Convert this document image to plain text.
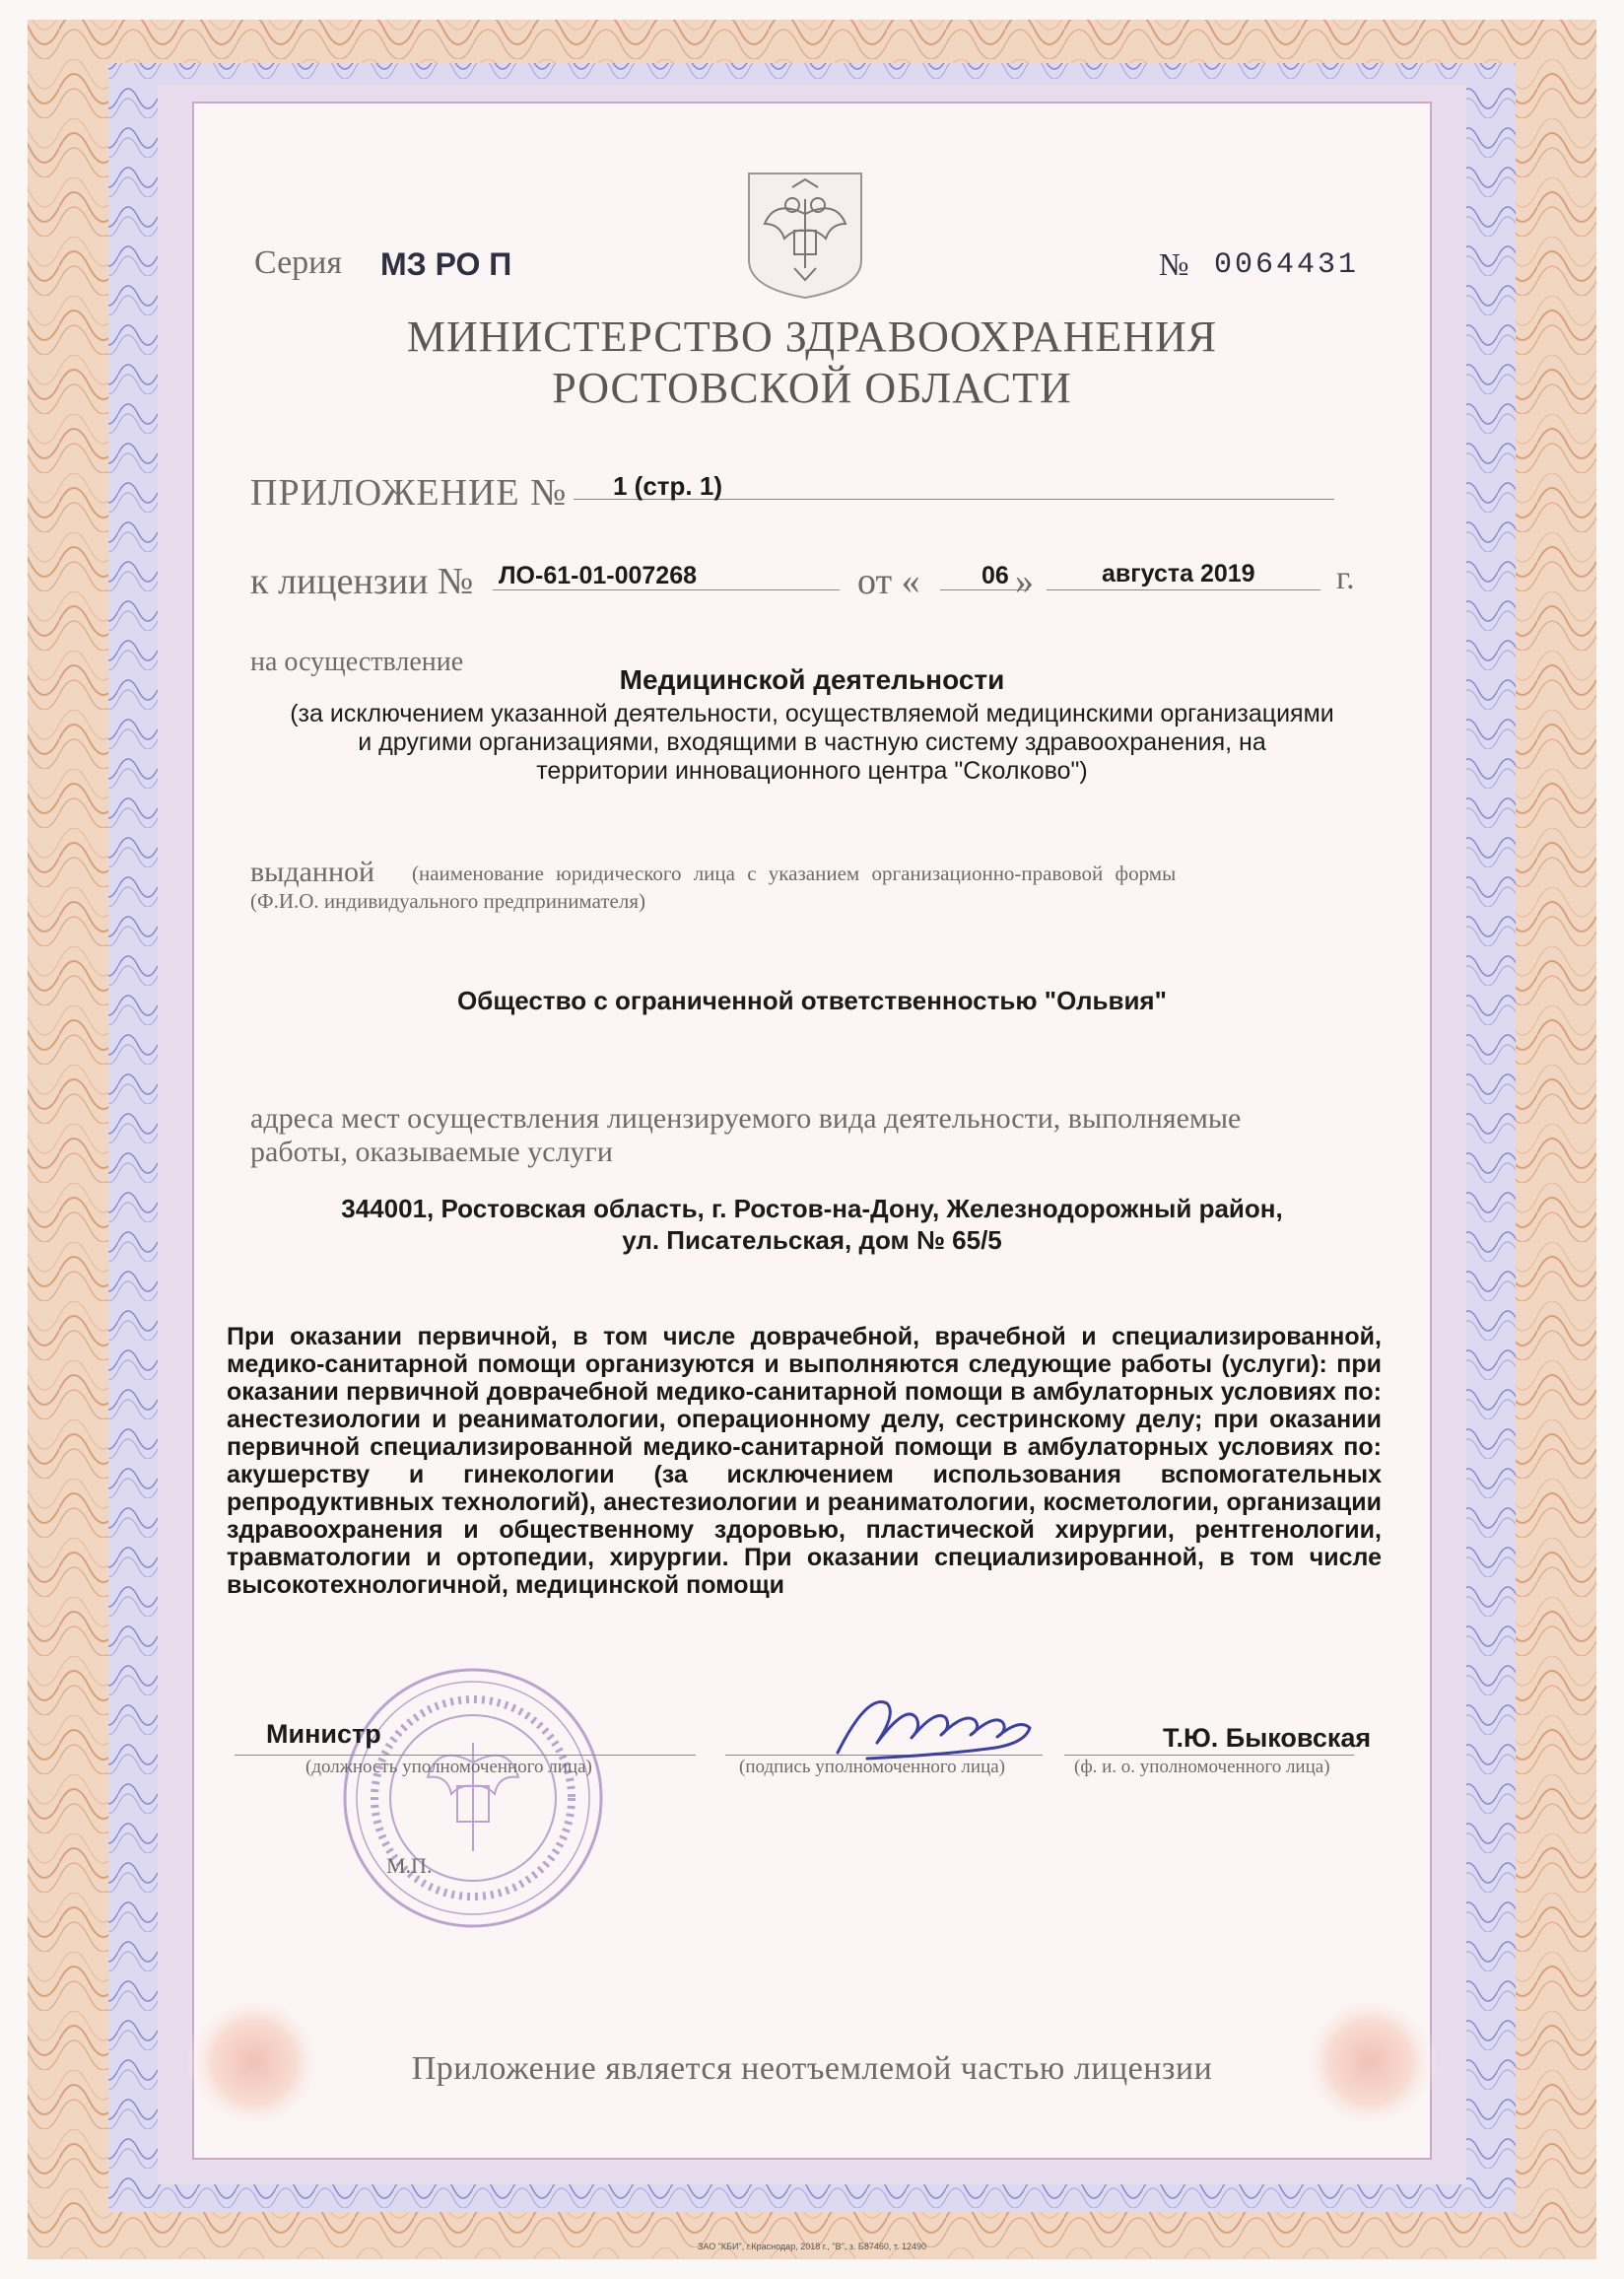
Серия МЗ РО П	№ 0064431
МИНИСТЕРСТВО ЗДРАВООХРАНЕНИЯ
РОСТОВСКОЙ ОБЛАСТИ
ПРИЛОЖЕНИЕ № 1 (стр. 1)
к лицензии № ЛО-61-01-007268	от « 06 »	августа 2019 г.
на осуществление
Медицинской деятельности
(за исключением указанной деятельности, осуществляемой медицинскими организациями
и другими организациями, входящими в частную систему здравоохранения, на
территории инновационного центра "Сколково")
выданной (наименование юридического лица с указанием организационно-правовой формы
(Ф.И.О. индивидуального предпринимателя)
Общество с ограниченной ответственностью "Ольвия"
адреса мест осуществления лицензируемого вида деятельности, выполняемые
работы, оказываемые услуги
344001, Ростовская область, г. Ростов-на-Дону, Железнодорожный район,
ул. Писательская, дом № 65/5
При оказании первичной, в том числе доврачебной, врачебной и специализированной, медико-санитарной помощи организуются и выполняются следующие работы (услуги): при оказании первичной доврачебной медико-санитарной помощи в амбулаторных условиях по: анестезиологии и реаниматологии, операционному делу, сестринскому делу; при оказании первичной специализированной медико-санитарной помощи в амбулаторных условиях по: акушерству и гинекологии (за исключением использования вспомогательных репродуктивных технологий), анестезиологии и реаниматологии, косметологии, организации здравоохранения и общественному здоровью, пластической хирургии, рентгенологии, травматологии и ортопедии, хирургии. При оказании специализированной, в том числе высокотехнологичной, медицинской помощи
Министр
(должность уполномоченного лица)	(подпись уполномоченного лица)
Т.Ю. Быковская
(ф. и. о. уполномоченного лица)
М.П.
Приложение является неотъемлемой частью лицензии
ЗАО "КБИ", г.Краснодар, 2018 г., "В", з. Б87460, т. 12490
